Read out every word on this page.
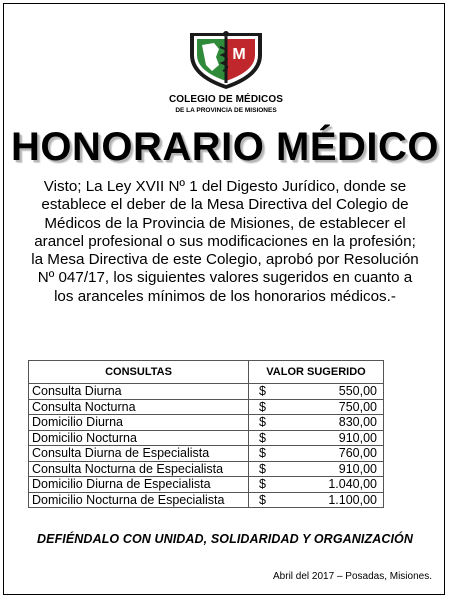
M
COLEGIO DE MÉDICOS
DE LA PROVINCIA DE MISIONES
HONORARIO MÉDICO
Visto; La Ley XVII Nº 1 del Digesto Jurídico, donde se establece el deber de la Mesa Directiva del Colegio de Médicos de la Provincia de Misiones, de establecer el arancel profesional o sus modificaciones en la profesión; la Mesa Directiva de este Colegio, aprobó por Resolución Nº 047/17, los siguientes valores sugeridos en cuanto a los aranceles mínimos de los honorarios médicos.-
CONSULTAS	VALOR SUGERIDO
Consulta Diurna	$ 550,00

Consulta Nocturna	$ 750,00

Domicilio Diurna	$ 830,00

Domicilio Nocturna	$ 910,00

Consulta Diurna de Especialista	$ 760,00

Consulta Nocturna de Especialista	$ 910,00

Domicilio Diurna de Especialista	$ 1.040,00

Domicilio Nocturna de Especialista	$ 1.100,00
DEFIÉNDALO CON UNIDAD, SOLIDARIDAD Y ORGANIZACIÓN
Abril del 2017 – Posadas, Misiones.
